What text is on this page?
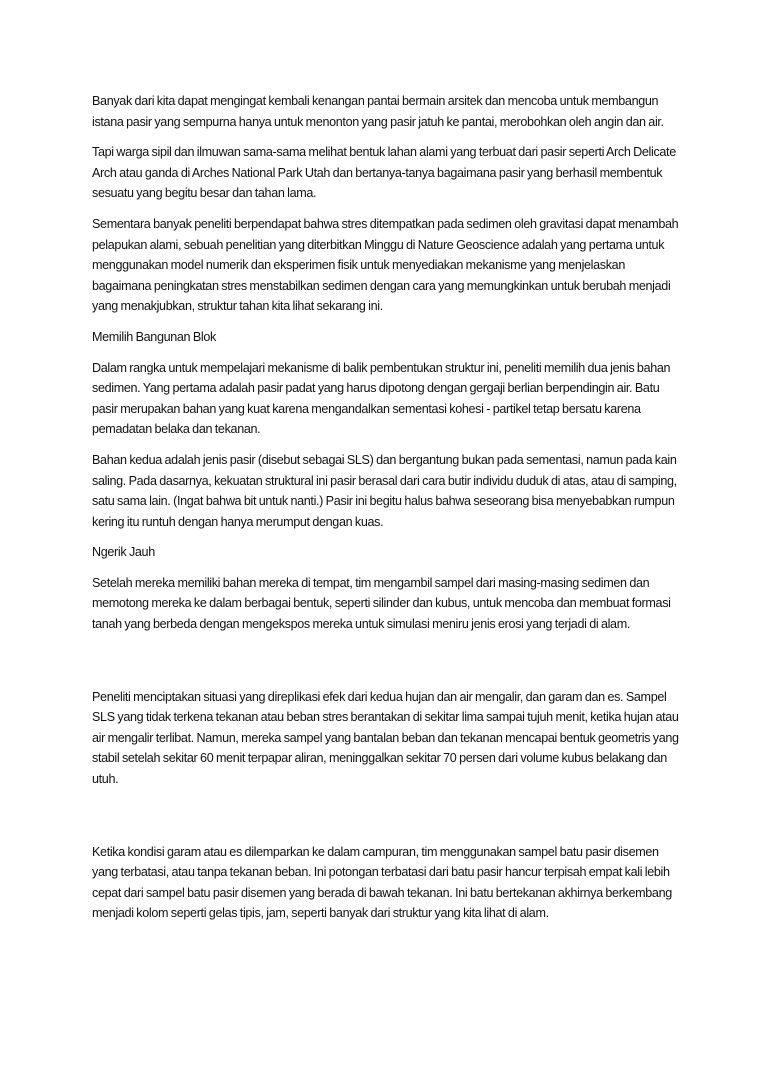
Banyak dari kita dapat mengingat kembali kenangan pantai bermain arsitek dan mencoba untuk membangun istana pasir yang sempurna hanya untuk menonton yang pasir jatuh ke pantai, merobohkan oleh angin dan air.

Tapi warga sipil dan ilmuwan sama-sama melihat bentuk lahan alami yang terbuat dari pasir seperti Arch Delicate Arch atau ganda di Arches National Park Utah dan bertanya-tanya bagaimana pasir yang berhasil membentuk sesuatu yang begitu besar dan tahan lama.

Sementara banyak peneliti berpendapat bahwa stres ditempatkan pada sedimen oleh gravitasi dapat menambah pelapukan alami, sebuah penelitian yang diterbitkan Minggu di Nature Geoscience adalah yang pertama untuk menggunakan model numerik dan eksperimen fisik untuk menyediakan mekanisme yang menjelaskan bagaimana peningkatan stres menstabilkan sedimen dengan cara yang memungkinkan untuk berubah menjadi yang menakjubkan, struktur tahan kita lihat sekarang ini.

Memilih Bangunan Blok

Dalam rangka untuk mempelajari mekanisme di balik pembentukan struktur ini, peneliti memilih dua jenis bahan sedimen. Yang pertama adalah pasir padat yang harus dipotong dengan gergaji berlian berpendingin air. Batu pasir merupakan bahan yang kuat karena mengandalkan sementasi kohesi - partikel tetap bersatu karena pemadatan belaka dan tekanan.

Bahan kedua adalah jenis pasir (disebut sebagai SLS) dan bergantung bukan pada sementasi, namun pada kain saling. Pada dasarnya, kekuatan struktural ini pasir berasal dari cara butir individu duduk di atas, atau di samping, satu sama lain. (Ingat bahwa bit untuk nanti.) Pasir ini begitu halus bahwa seseorang bisa menyebabkan rumpun kering itu runtuh dengan hanya merumput dengan kuas.

Ngerik Jauh

Setelah mereka memiliki bahan mereka di tempat, tim mengambil sampel dari masing-masing sedimen dan memotong mereka ke dalam berbagai bentuk, seperti silinder dan kubus, untuk mencoba dan membuat formasi tanah yang berbeda dengan mengekspos mereka untuk simulasi meniru jenis erosi yang terjadi di alam.

Peneliti menciptakan situasi yang direplikasi efek dari kedua hujan dan air mengalir, dan garam dan es. Sampel SLS yang tidak terkena tekanan atau beban stres berantakan di sekitar lima sampai tujuh menit, ketika hujan atau air mengalir terlibat. Namun, mereka sampel yang bantalan beban dan tekanan mencapai bentuk geometris yang stabil setelah sekitar 60 menit terpapar aliran, meninggalkan sekitar 70 persen dari volume kubus belakang dan utuh.

Ketika kondisi garam atau es dilemparkan ke dalam campuran, tim menggunakan sampel batu pasir disemen yang terbatasi, atau tanpa tekanan beban. Ini potongan terbatasi dari batu pasir hancur terpisah empat kali lebih cepat dari sampel batu pasir disemen yang berada di bawah tekanan. Ini batu bertekanan akhirnya berkembang menjadi kolom seperti gelas tipis, jam, seperti banyak dari struktur yang kita lihat di alam.
